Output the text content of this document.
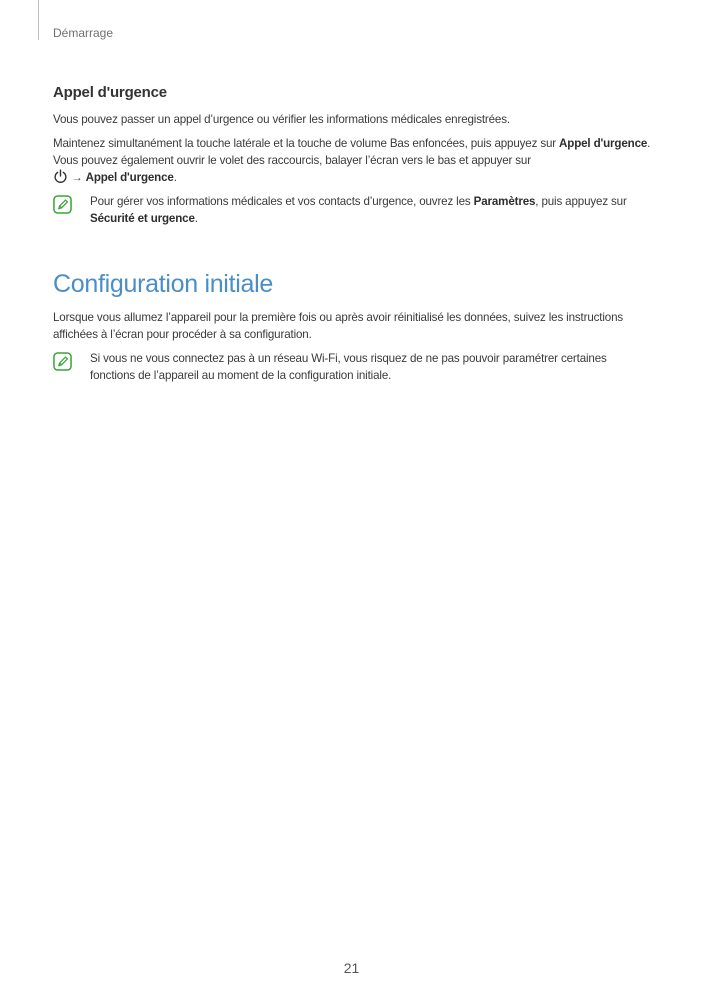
Démarrage
Appel d'urgence

Vous pouvez passer un appel d’urgence ou vérifier les informations médicales enregistrées.

Maintenez simultanément la touche latérale et la touche de volume Bas enfoncées, puis appuyez sur Appel d'urgence. Vous pouvez également ouvrir le volet des raccourcis, balayer l’écran vers le bas et appuyer sur
→ Appel d'urgence.

Pour gérer vos informations médicales et vos contacts d’urgence, ouvrez les Paramètres, puis appuyez sur Sécurité et urgence.

Configuration initiale

Lorsque vous allumez l’appareil pour la première fois ou après avoir réinitialisé les données, suivez les instructions affichées à l’écran pour procéder à sa configuration.

Si vous ne vous connectez pas à un réseau Wi-Fi, vous risquez de ne pas pouvoir paramétrer certaines fonctions de l’appareil au moment de la configuration initiale.

21
